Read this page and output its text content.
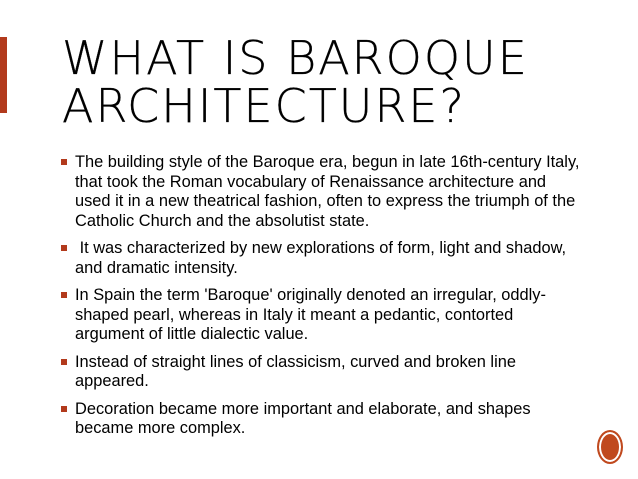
WHAT IS BAROQUE
ARCHITECTURE?
The building style of the Baroque era, begun in late 16th-century Italy, that took the Roman vocabulary of Renaissance architecture and used it in a new theatrical fashion, often to express the triumph of the Catholic Church and the absolutist state.
It was characterized by new explorations of form, light and shadow, and dramatic intensity.
In Spain the term 'Baroque' originally denoted an irregular, oddly-shaped pearl, whereas in Italy it meant a pedantic, contorted argument of little dialectic value.
Instead of straight lines of classicism, curved and broken line appeared.
Decoration became more important and elaborate, and shapes became more complex.
